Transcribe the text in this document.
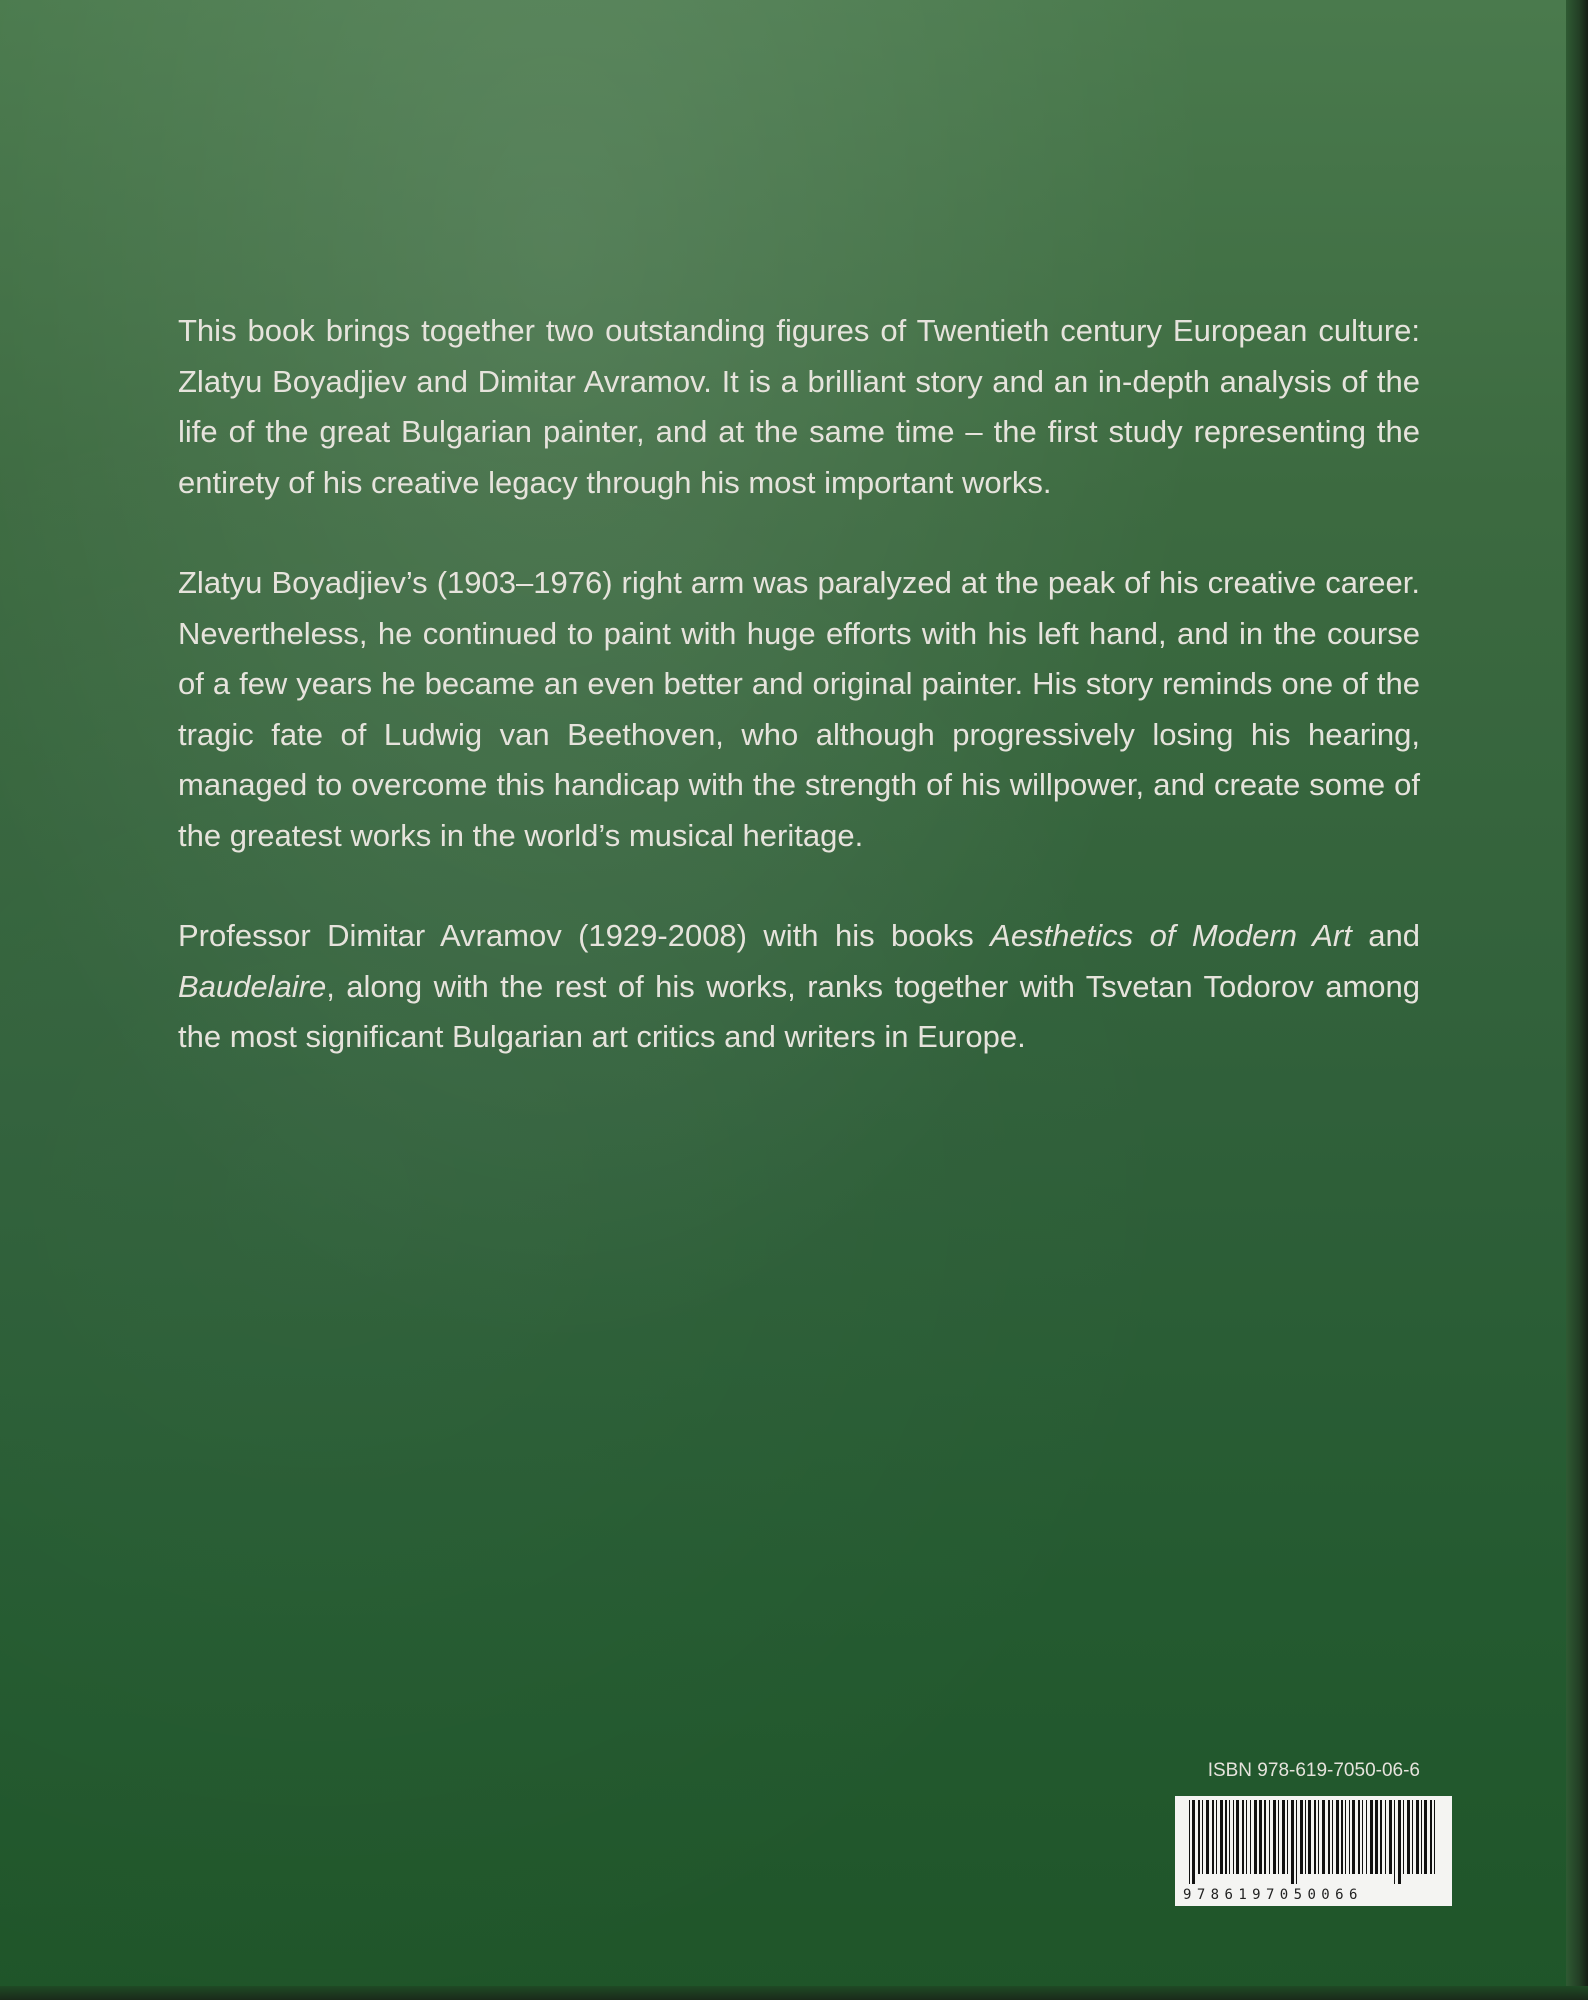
This book brings together two outstanding figures of Twentieth century European culture: Zlatyu Boyadjiev and Dimitar Avramov. It is a brilliant story and an in-depth analysis of the life of the great Bulgarian painter, and at the same time – the first study representing the entirety of his creative legacy through his most important works.

Zlatyu Boyadjiev’s (1903–1976) right arm was paralyzed at the peak of his creative career. Nevertheless, he continued to paint with huge efforts with his left hand, and in the course of a few years he became an even better and original painter. His story reminds one of the tragic fate of Ludwig van Beethoven, who although progressively losing his hearing, managed to overcome this handicap with the strength of his willpower, and create some of the greatest works in the world’s musical heritage.

Professor Dimitar Avramov (1929-2008) with his books Aesthetics of Modern Art and Baudelaire, along with the rest of his works, ranks together with Tsvetan Todorov among the most significant Bulgarian art critics and writers in Europe.

ISBN 978-619-7050-06-6
9786197050066
